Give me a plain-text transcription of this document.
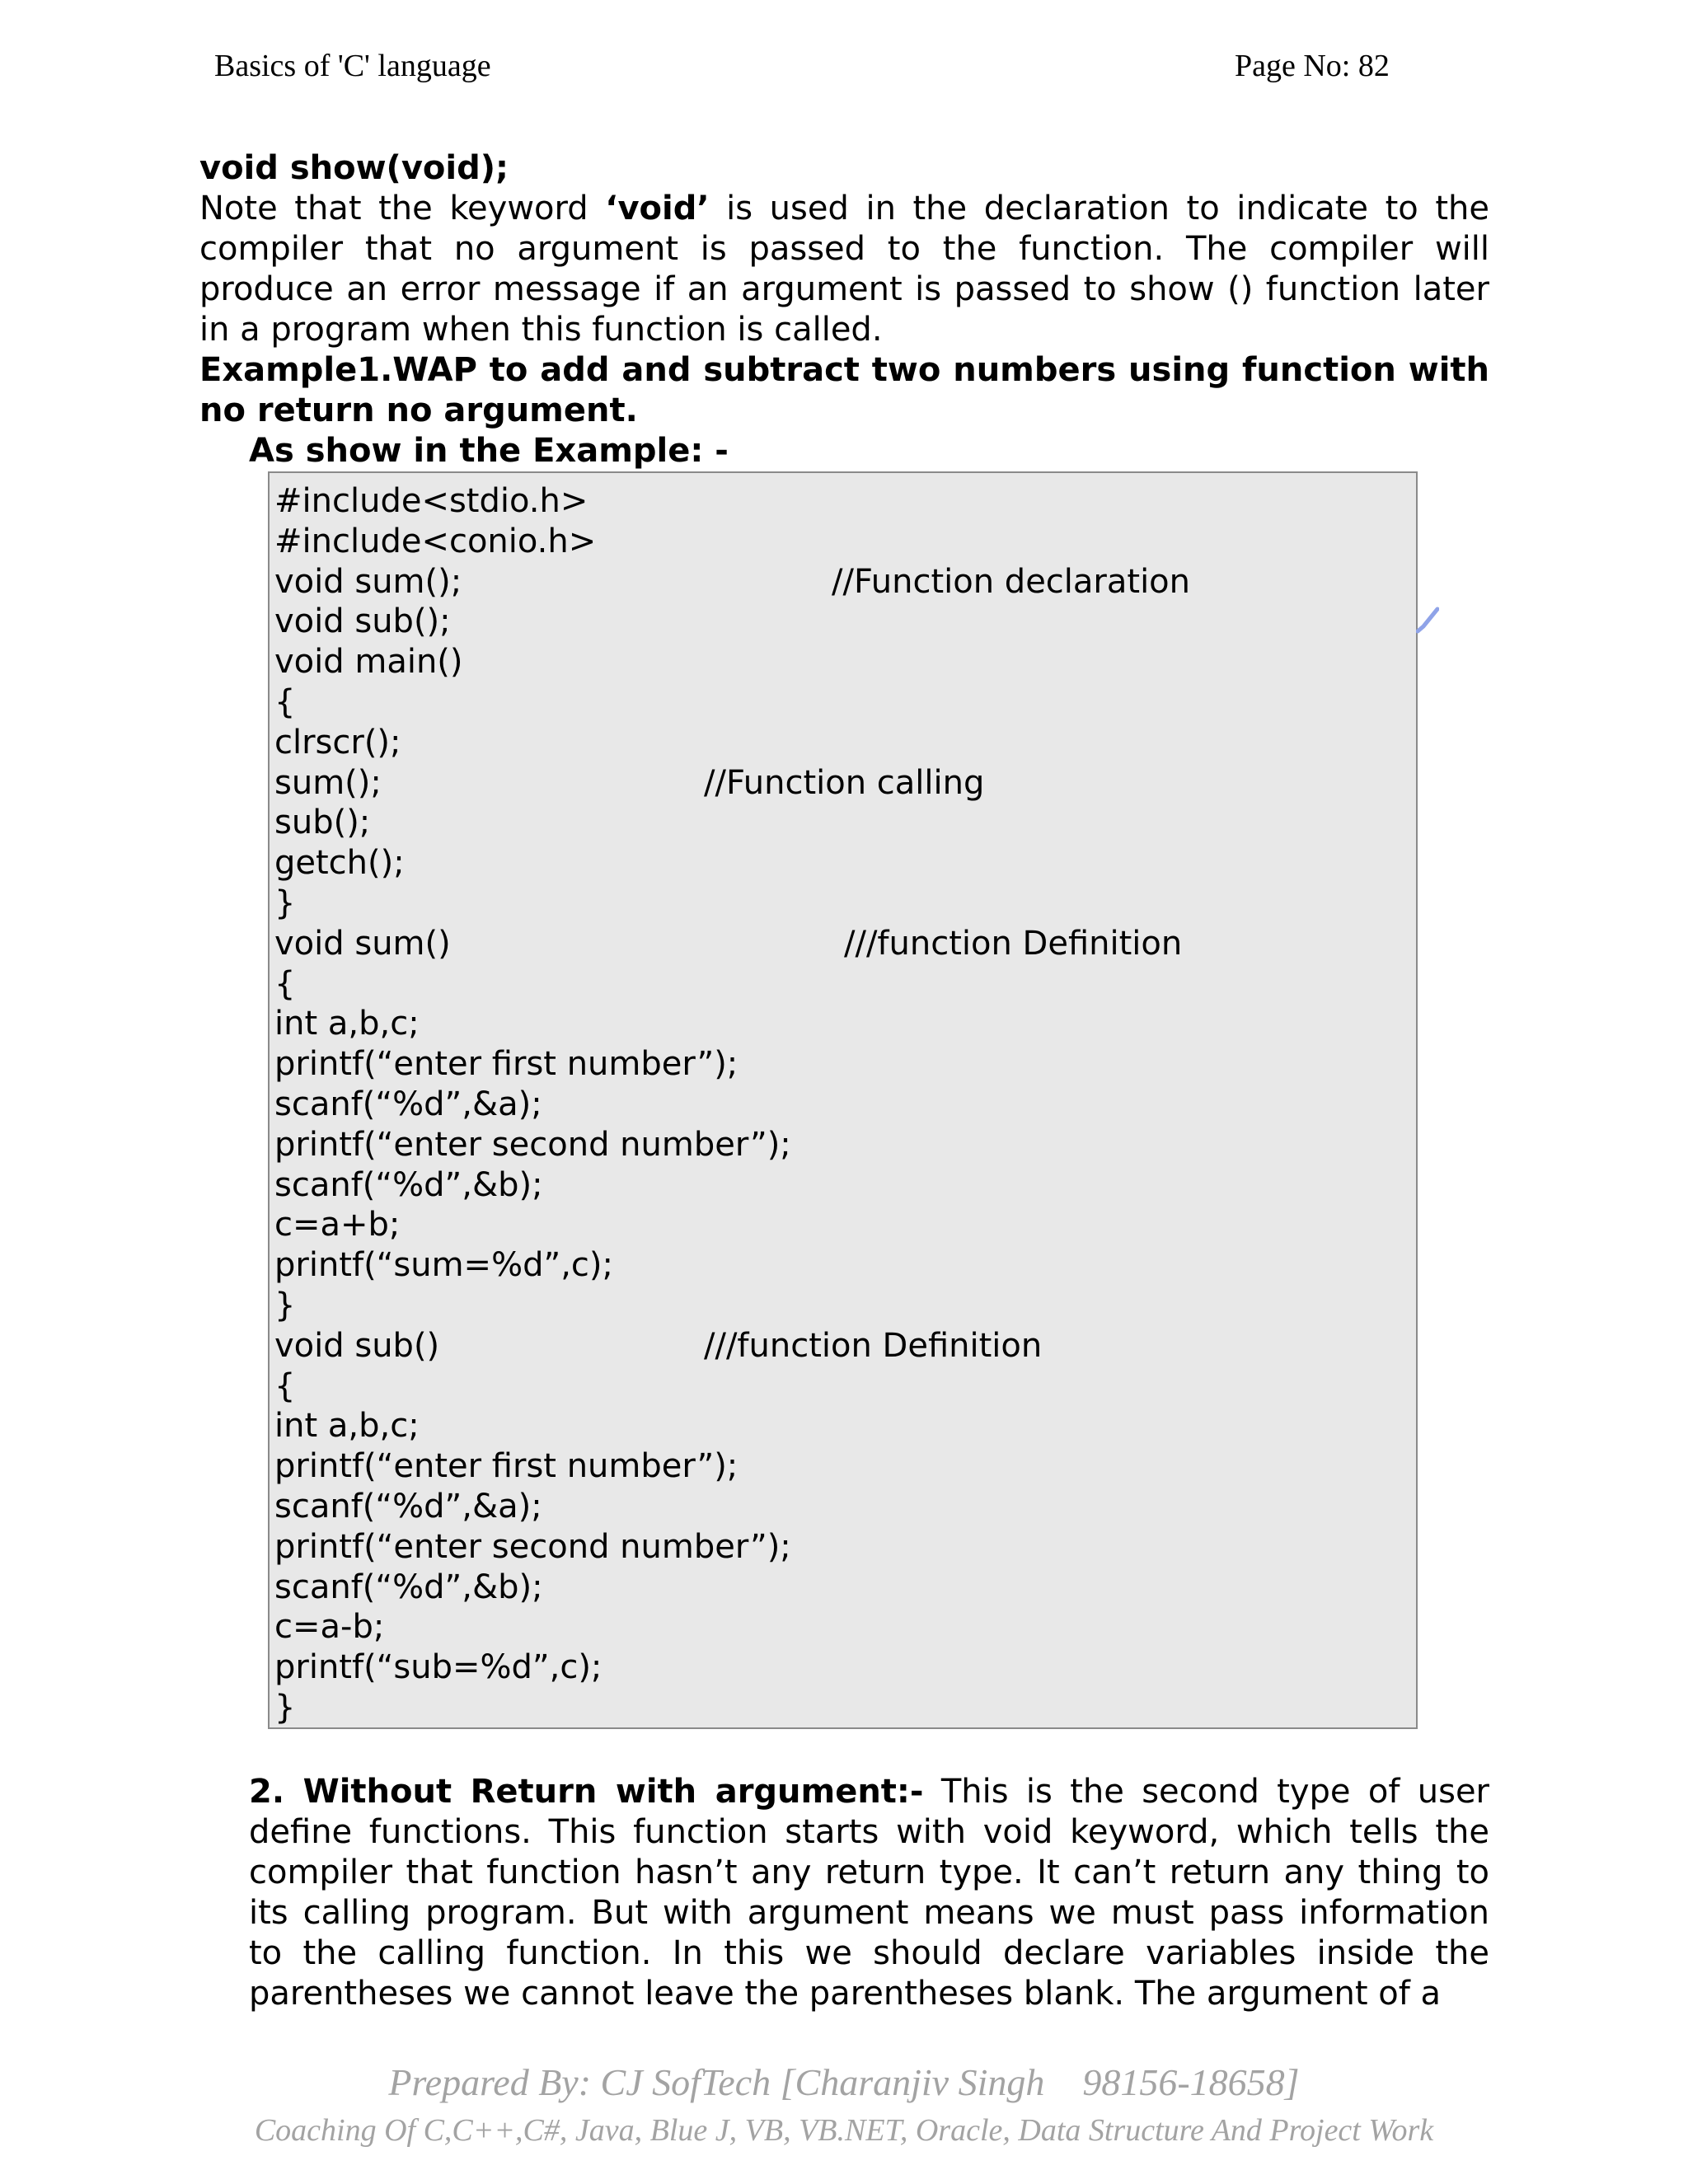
Basics of 'C' language	Page No: 82
void show(void);
Note that the keyword ‘void’ is used in the declaration to indicate to the compiler that no argument is passed to the function. The compiler will produce an error message if an argument is passed to show () function later in a program when this function is called.
Example1.WAP to add and subtract two numbers using function with no return no argument.
As show in the Example: -
#include<stdio.h>
#include<conio.h>
void sum();	//Function declaration
void sub();
void main()
{
clrscr();
sum();	//Function calling
sub();
getch();
}
void sum()	///function Definition
{
int a,b,c;
printf(“enter first number”);
scanf(“%d”,&a);
printf(“enter second number”);
scanf(“%d”,&b);
c=a+b;
printf(“sum=%d”,c);
}
void sub()	///function Definition
{
int a,b,c;
printf(“enter first number”);
scanf(“%d”,&a);
printf(“enter second number”);
scanf(“%d”,&b);
c=a-b;
printf(“sub=%d”,c);
}
2. Without Return with argument:- This is the second type of user define functions. This function starts with void keyword, which tells the compiler that function hasn’t any return type. It can’t return any thing to its calling program. But with argument means we must pass information to the calling function. In this we should declare variables inside the parentheses we cannot leave the parentheses blank. The argument of a
Prepared By: CJ SofTech [Charanjiv Singh    98156-18658]
Coaching Of C,C++,C#, Java, Blue J, VB, VB.NET, Oracle, Data Structure And Project Work
